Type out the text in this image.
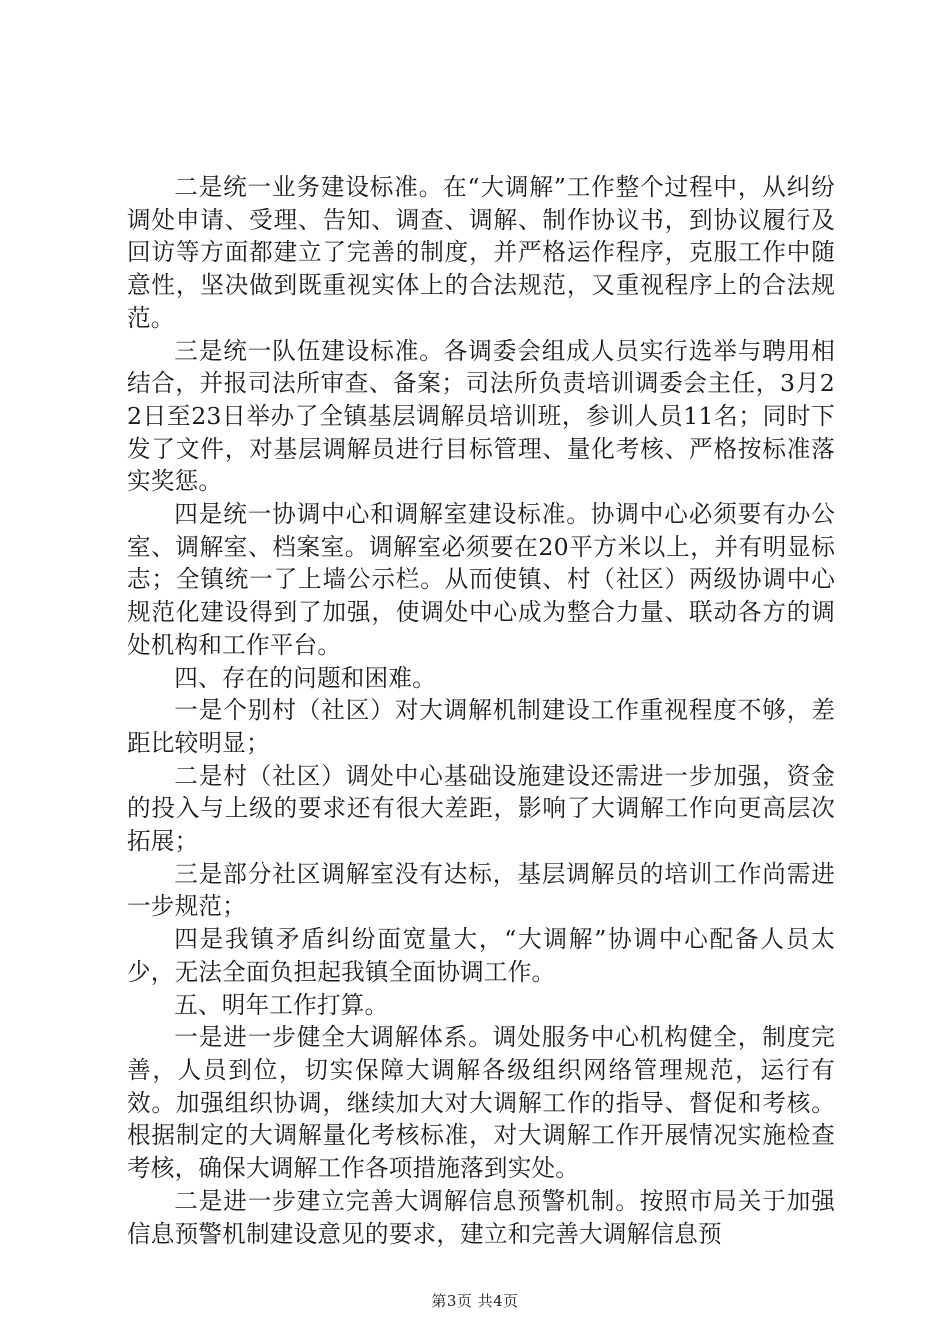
二是统一业务建设标准。在“大调解”工作整个过程中，从纠纷调处申请、受理、告知、调查、调解、制作协议书，到协议履行及回访等方面都建立了完善的制度，并严格运作程序，克服工作中随意性，坚决做到既重视实体上的合法规范，又重视程序上的合法规范。

三是统一队伍建设标准。各调委会组成人员实行选举与聘用相结合，并报司法所审查、备案；司法所负责培训调委会主任，3月22日至23日举办了全镇基层调解员培训班，参训人员11名；同时下发了文件，对基层调解员进行目标管理、量化考核、严格按标准落实奖惩。

四是统一协调中心和调解室建设标准。协调中心必须要有办公室、调解室、档案室。调解室必须要在20平方米以上，并有明显标志；全镇统一了上墙公示栏。从而使镇、村（社区）两级协调中心规范化建设得到了加强，使调处中心成为整合力量、联动各方的调处机构和工作平台。

四、存在的问题和困难。

一是个别村（社区）对大调解机制建设工作重视程度不够，差距比较明显；

二是村（社区）调处中心基础设施建设还需进一步加强，资金的投入与上级的要求还有很大差距，影响了大调解工作向更高层次拓展；

三是部分社区调解室没有达标，基层调解员的培训工作尚需进一步规范；

四是我镇矛盾纠纷面宽量大，“大调解”协调中心配备人员太少，无法全面负担起我镇全面协调工作。

五、明年工作打算。

一是进一步健全大调解体系。调处服务中心机构健全，制度完善，人员到位，切实保障大调解各级组织网络管理规范，运行有效。加强组织协调，继续加大对大调解工作的指导、督促和考核。根据制定的大调解量化考核标准，对大调解工作开展情况实施检查考核，确保大调解工作各项措施落到实处。

二是进一步建立完善大调解信息预警机制。按照市局关于加强信息预警机制建设意见的要求，建立和完善大调解信息预

第3页 共4页
